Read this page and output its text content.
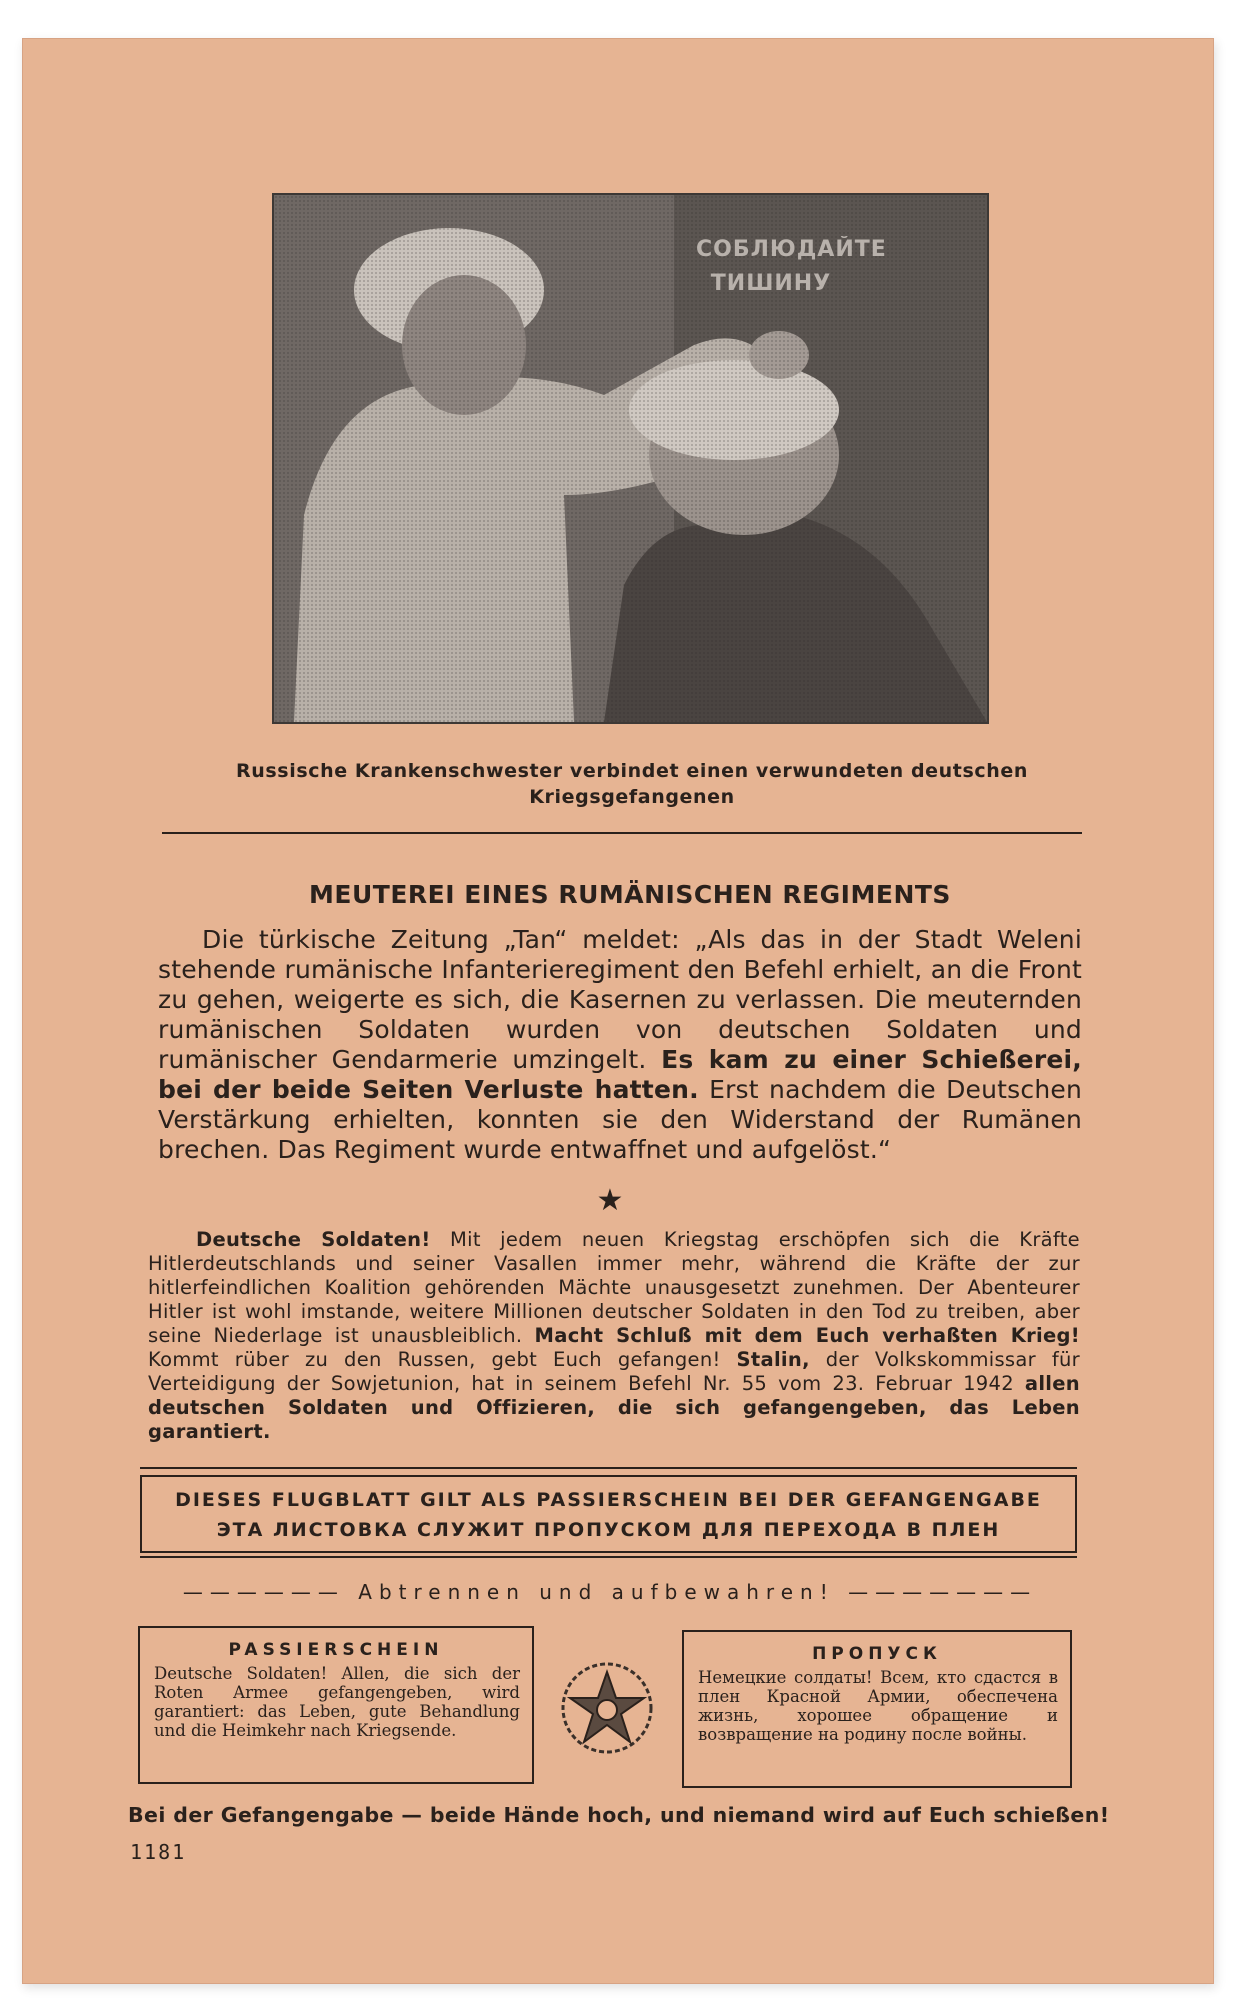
СОБЛЮДАЙТЕ ТИШИНУ
Russische Krankenschwester verbindet einen verwundeten deutschen Kriegsgefangenen
MEUTEREI EINES RUMÄNISCHEN REGIMENTS
Die türkische Zeitung „Tan“ meldet: „Als das in der Stadt Weleni stehende rumänische Infanterieregiment den Befehl erhielt, an die Front zu gehen, weigerte es sich, die Kasernen zu verlassen. Die meuternden rumänischen Soldaten wurden von deutschen Soldaten und rumänischer Gendarmerie umzingelt. Es kam zu einer Schießerei, bei der beide Seiten Verluste hatten. Erst nachdem die Deutschen Verstärkung erhielten, konnten sie den Widerstand der Rumänen brechen. Das Regiment wurde entwaffnet und aufgelöst.“
★
Deutsche Soldaten! Mit jedem neuen Kriegstag erschöpfen sich die Kräfte Hitlerdeutschlands und seiner Vasallen immer mehr, während die Kräfte der zur hitlerfeindlichen Koalition gehörenden Mächte unausgesetzt zunehmen. Der Abenteurer Hitler ist wohl imstande, weitere Millionen deutscher Soldaten in den Tod zu treiben, aber seine Niederlage ist unausbleiblich. Macht Schluß mit dem Euch verhaßten Krieg! Kommt rüber zu den Russen, gebt Euch gefangen! Stalin, der Volkskommissar für Verteidigung der Sowjetunion, hat in seinem Befehl Nr. 55 vom 23. Februar 1942 allen deutschen Soldaten und Offizieren, die sich gefangengeben, das Leben garantiert.
DIESES FLUGBLATT GILT ALS PASSIERSCHEIN BEI DER GEFANGENGABE
ЭТА ЛИСТОВКА СЛУЖИТ ПРОПУСКОМ ДЛЯ ПЕРЕХОДА В ПЛЕН
—————— Abtrennen und aufbewahren! ———————
PASSIERSCHEIN
Deutsche Soldaten! Allen, die sich der Roten Armee gefangengeben, wird garantiert: das Leben, gute Behandlung und die Heimkehr nach Kriegsende.
ПРОПУСК
Немецкие солдаты! Всем, кто сдастся в плен Красной Армии, обеспечена жизнь, хорошее обращение и возвращение на родину после войны.
Bei der Gefangengabe — beide Hände hoch, und niemand wird auf Euch schießen!
1181
